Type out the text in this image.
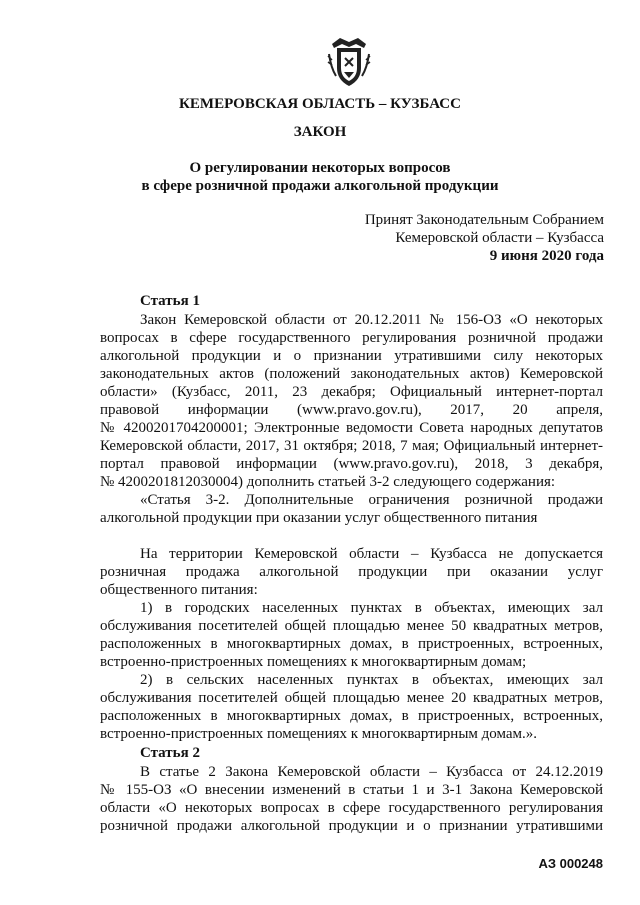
КЕМЕРОВСКАЯ ОБЛАСТЬ – КУЗБАСС
ЗАКОН
О регулировании некоторых вопросов
в сфере розничной продажи алкогольной продукции
Принят Законодательным Собранием
Кемеровской области – Кузбасса
9 июня 2020 года
Статья 1
Закон Кемеровской области от 20.12.2011 № 156-ОЗ «О некоторых
вопросах в сфере государственного регулирования розничной продажи
алкогольной продукции и о признании утратившими силу некоторых
законодательных актов (положений законодательных актов) Кемеровской
области» (Кузбасс, 2011, 23 декабря; Официальный интернет-портал
правовой информации (www.pravo.gov.ru), 2017, 20 апреля,
№ 4200201704200001; Электронные ведомости Совета народных депутатов
Кемеровской области, 2017, 31 октября; 2018, 7 мая; Официальный интернет-
портал правовой информации (www.pravo.gov.ru), 2018, 3 декабря,
№ 4200201812030004) дополнить статьей 3-2 следующего содержания:
«Статья 3-2. Дополнительные ограничения розничной продажи
алкогольной продукции при оказании услуг общественного питания
На территории Кемеровской области – Кузбасса не допускается
розничная продажа алкогольной продукции при оказании услуг
общественного питания:
1) в городских населенных пунктах в объектах, имеющих зал
обслуживания посетителей общей площадью менее 50 квадратных метров,
расположенных в многоквартирных домах, в пристроенных, встроенных,
встроенно-пристроенных помещениях к многоквартирным домам;
2) в сельских населенных пунктах в объектах, имеющих зал
обслуживания посетителей общей площадью менее 20 квадратных метров,
расположенных в многоквартирных домах, в пристроенных, встроенных,
встроенно-пристроенных помещениях к многоквартирным домам.».
Статья 2
В статье 2 Закона Кемеровской области – Кузбасса от 24.12.2019
№ 155-ОЗ «О внесении изменений в статьи 1 и 3-1 Закона Кемеровской
области «О некоторых вопросах в сфере государственного регулирования
розничной продажи алкогольной продукции и о признании утратившими
АЗ 000248
